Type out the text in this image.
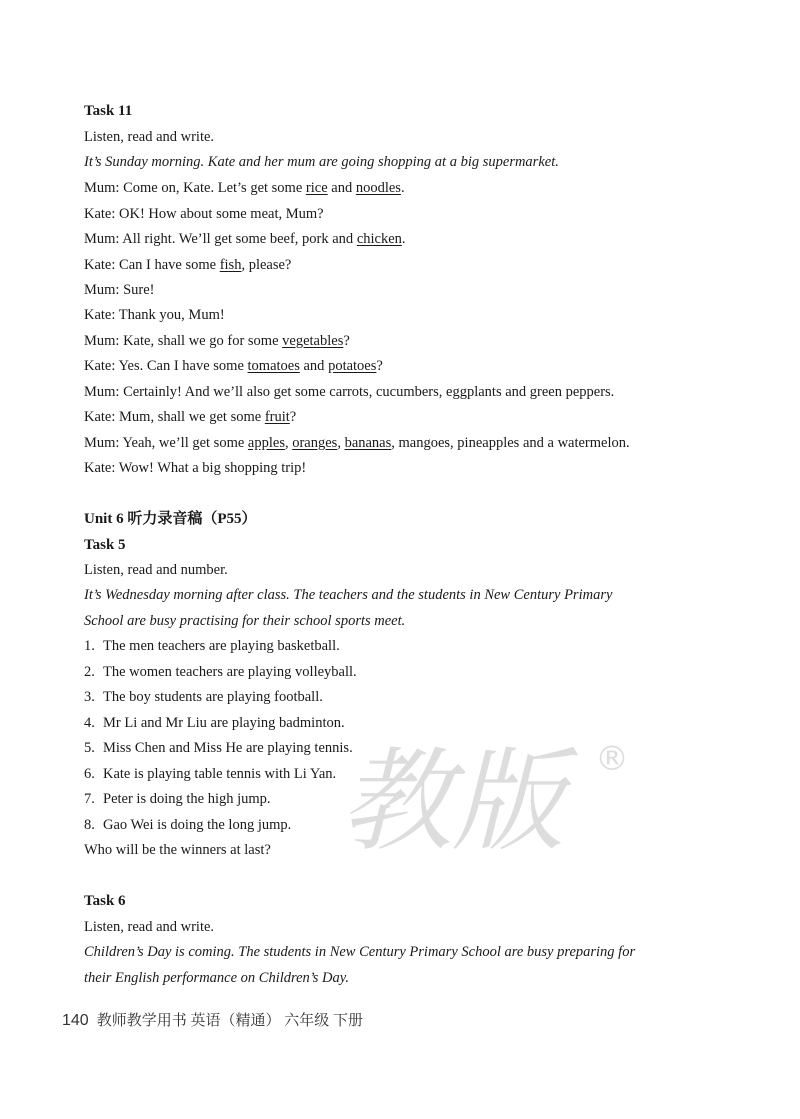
教版 ®
Task 11
Listen, read and write.
It’s Sunday morning. Kate and her mum are going shopping at a big supermarket.
Mum: Come on, Kate. Let’s get some rice and noodles.
Kate: OK! How about some meat, Mum?
Mum: All right. We’ll get some beef, pork and chicken.
Kate: Can I have some fish, please?
Mum: Sure!
Kate: Thank you, Mum!
Mum: Kate, shall we go for some vegetables?
Kate: Yes. Can I have some tomatoes and potatoes?
Mum: Certainly! And we’ll also get some carrots, cucumbers, eggplants and green peppers.
Kate: Mum, shall we get some fruit?
Mum: Yeah, we’ll get some apples, oranges, bananas, mangoes, pineapples and a watermelon.
Kate: Wow! What a big shopping trip!
Unit 6 听力录音稿（P55）
Task 5
Listen, read and number.
It’s Wednesday morning after class. The teachers and the students in New Century Primary
School are busy practising for their school sports meet.
1. The men teachers are playing basketball.
2. The women teachers are playing volleyball.
3. The boy students are playing football.
4. Mr Li and Mr Liu are playing badminton.
5. Miss Chen and Miss He are playing tennis.
6. Kate is playing table tennis with Li Yan.
7. Peter is doing the high jump.
8. Gao Wei is doing the long jump.
Who will be the winners at last?
Task 6
Listen, read and write.
Children’s Day is coming. The students in New Century Primary School are busy preparing for
their English performance on Children’s Day.
140 教师教学用书 英语（精通） 六年级 下册
